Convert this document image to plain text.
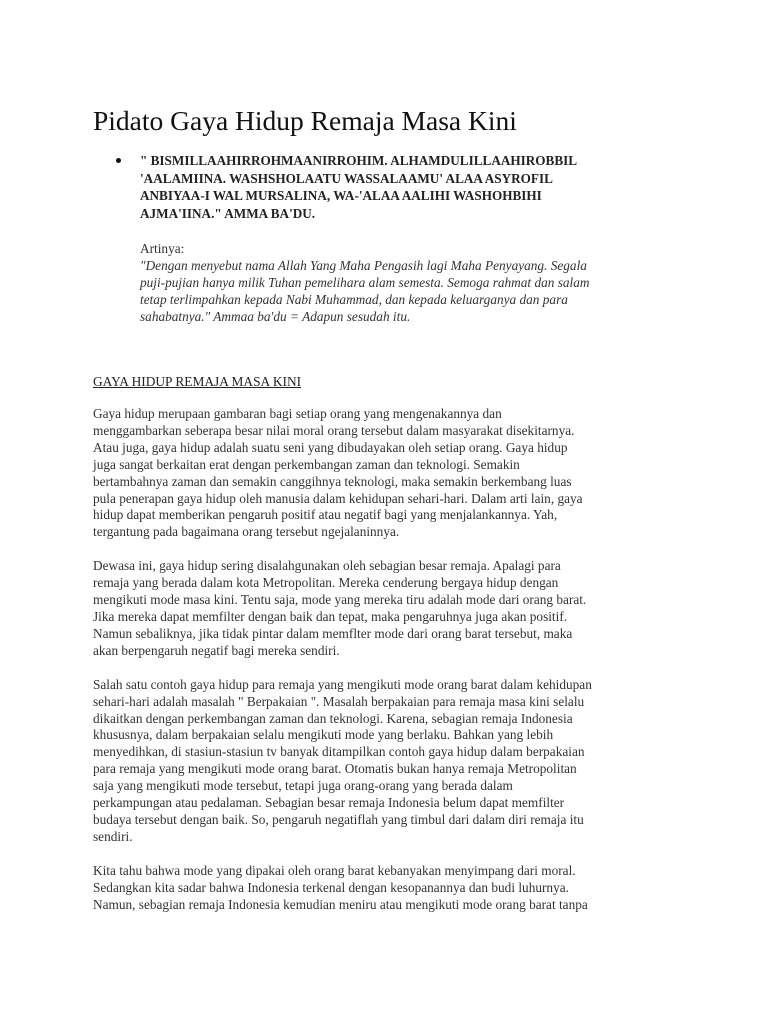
Pidato Gaya Hidup Remaja Masa Kini
" BISMILLAAHIRROHMAANIRROHIM. ALHAMDULILLAAHIROBBIL
'AALAMIINA. WASHSHOLAATU WASSALAAMU' ALAA ASYROFIL
ANBIYAA-I WAL MURSALINA, WA-'ALAA AALIHI WASHOHBIHI
AJMA'IINA." AMMA BA'DU.
Artinya:
"Dengan menyebut nama Allah Yang Maha Pengasih lagi Maha Penyayang. Segala
puji-pujian hanya milik Tuhan pemelihara alam semesta. Semoga rahmat dan salam
tetap terlimpahkan kepada Nabi Muhammad, dan kepada keluarganya dan para
sahabatnya." Ammaa ba'du = Adapun sesudah itu.
GAYA HIDUP REMAJA MASA KINI

Gaya hidup merupaan gambaran bagi setiap orang yang mengenakannya dan
menggambarkan seberapa besar nilai moral orang tersebut dalam masyarakat disekitarnya.
Atau juga, gaya hidup adalah suatu seni yang dibudayakan oleh setiap orang. Gaya hidup
juga sangat berkaitan erat dengan perkembangan zaman dan teknologi. Semakin
bertambahnya zaman dan semakin canggihnya teknologi, maka semakin berkembang luas
pula penerapan gaya hidup oleh manusia dalam kehidupan sehari-hari. Dalam arti lain, gaya
hidup dapat memberikan pengaruh positif atau negatif bagi yang menjalankannya. Yah,
tergantung pada bagaimana orang tersebut ngejalaninnya.

Dewasa ini, gaya hidup sering disalahgunakan oleh sebagian besar remaja. Apalagi para
remaja yang berada dalam kota Metropolitan. Mereka cenderung bergaya hidup dengan
mengikuti mode masa kini. Tentu saja, mode yang mereka tiru adalah mode dari orang barat.
Jika mereka dapat memfilter dengan baik dan tepat, maka pengaruhnya juga akan positif.
Namun sebaliknya, jika tidak pintar dalam memflter mode dari orang barat tersebut, maka
akan berpengaruh negatif bagi mereka sendiri.

Salah satu contoh gaya hidup para remaja yang mengikuti mode orang barat dalam kehidupan
sehari-hari adalah masalah " Berpakaian ". Masalah berpakaian para remaja masa kini selalu
dikaitkan dengan perkembangan zaman dan teknologi. Karena, sebagian remaja Indonesia
khususnya, dalam berpakaian selalu mengikuti mode yang berlaku. Bahkan yang lebih
menyedihkan, di stasiun-stasiun tv banyak ditampilkan contoh gaya hidup dalam berpakaian
para remaja yang mengikuti mode orang barat. Otomatis bukan hanya remaja Metropolitan
saja yang mengikuti mode tersebut, tetapi juga orang-orang yang berada dalam
perkampungan atau pedalaman. Sebagian besar remaja Indonesia belum dapat memfilter
budaya tersebut dengan baik. So, pengaruh negatiflah yang timbul dari dalam diri remaja itu
sendiri.

Kita tahu bahwa mode yang dipakai oleh orang barat kebanyakan menyimpang dari moral.
Sedangkan kita sadar bahwa Indonesia terkenal dengan kesopanannya dan budi luhurnya.
Namun, sebagian remaja Indonesia kemudian meniru atau mengikuti mode orang barat tanpa
